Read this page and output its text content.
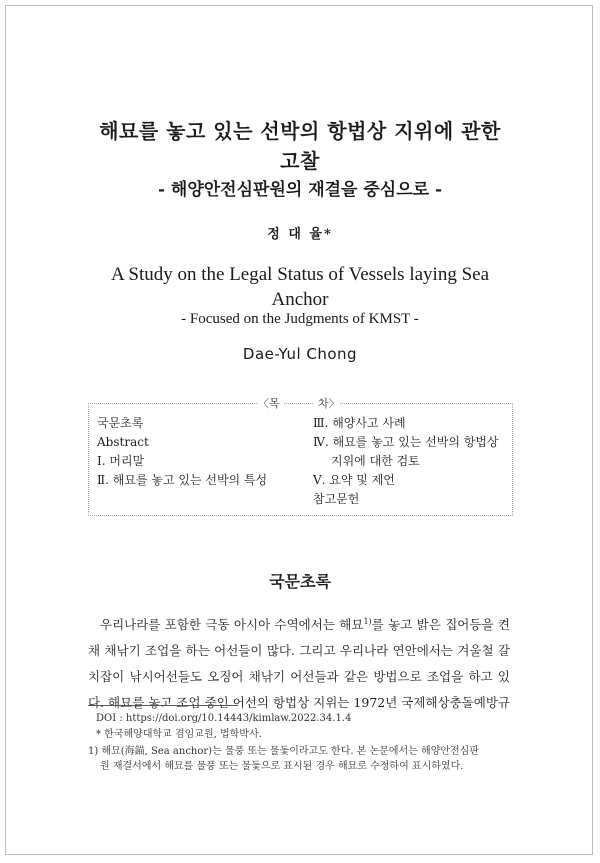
해묘를 놓고 있는 선박의 항법상 지위에 관한
고찰
- 해양안전심판원의 재결을 중심으로 -
정 대 율*
A Study on the Legal Status of Vessels laying Sea
Anchor
- Focused on the Judgments of KMST -
Dae-Yul Chong
〈목	차〉
국문초록
Abstract
Ⅰ. 머리말
Ⅱ. 해묘를 놓고 있는 선박의 특성
Ⅲ. 해양사고 사례
Ⅳ. 해묘를 놓고 있는 선박의 항법상
지위에 대한 검토
Ⅴ. 요약 및 제언
참고문헌
국문초록
우리나라를 포함한 극동 아시아 수역에서는 해묘$^{1)}$를 놓고 밝은 집어등을 켠
채 채낚기 조업을 하는 어선들이 많다. 그리고 우리나라 연안에서는 겨울철 갈
치잡이 낚시어선들도 오징어 채낚기 어선들과 같은 방법으로 조업을 하고 있
다. 해묘를 놓고 조업 중인 어선의 항법상 지위는 1972년 국제해상충돌예방규
DOI : https://doi.org/10.14443/kimlaw.2022.34.1.4
* 한국해양대학교 겸임교원, 법학박사.
1) 해묘(海錨, Sea anchor)는 물풍 또는 물돛이라고도 한다. 본 논문에서는 해양안전심판
원 재결서에서 해묘를 물풍 또는 물돛으로 표시된 경우 해묘로 수정하여 표시하였다.
